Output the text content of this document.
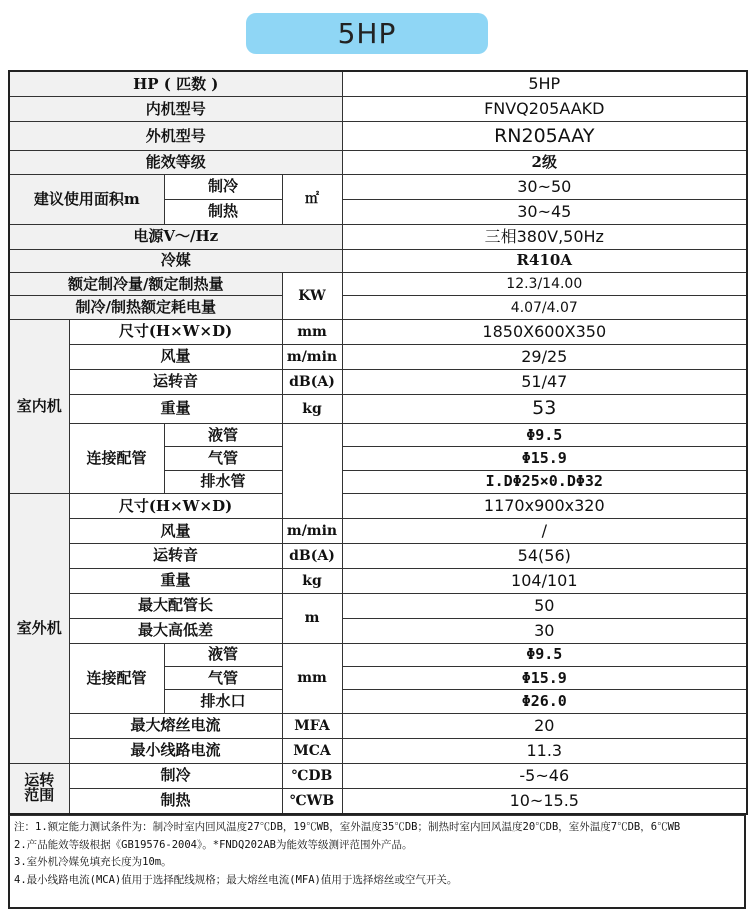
5HP
HP ( 匹数 )				5HP
内机型号				FNVQ205AAKD
外机型号				RN205AAY
能效等级				2级
建议使用面积m		制冷	㎡	30~50
		制热		30~45
电源V～/Hz				三相380V,50Hz
冷媒				R410A
额定制冷量/额定制热量			KW	12.3/14.00
制冷/制热额定耗电量				4.07/4.07
室内机	尺寸(H×W×D)		mm	1850X600X350
	风量		m/min	29/25
	运转音		dB(A)	51/47
	重量		kg	53
	连接配管	液管		Φ9.5
		气管		Φ15.9
		排水管		I.DΦ25×0.DΦ32
室外机	尺寸(H×W×D)			1170x900x320
	风量		m/min	/
	运转音		dB(A)	54(56)
	重量		kg	104/101
	最大配管长		m	50
	最大高低差			30
	连接配管	液管	mm	Φ9.5
		气管		Φ15.9
		排水口		Φ26.0
	最大熔丝电流		MFA	20
	最小线路电流		MCA	11.3
运转
范围	制冷		℃DB	-5~46
	制热		℃WB	10~15.5
注：1.额定能力测试条件为：制冷时室内回风温度27℃DB，19℃WB，室外温度35℃DB；制热时室内回风温度20℃DB，室外温度7℃DB，6℃WB
2.产品能效等级根据《GB19576-2004》。*FNDQ202AB为能效等级测评范围外产品。
3.室外机冷媒免填充长度为10m。
4.最小线路电流(MCA)值用于选择配线规格；最大熔丝电流(MFA)值用于选择熔丝或空气开关。
